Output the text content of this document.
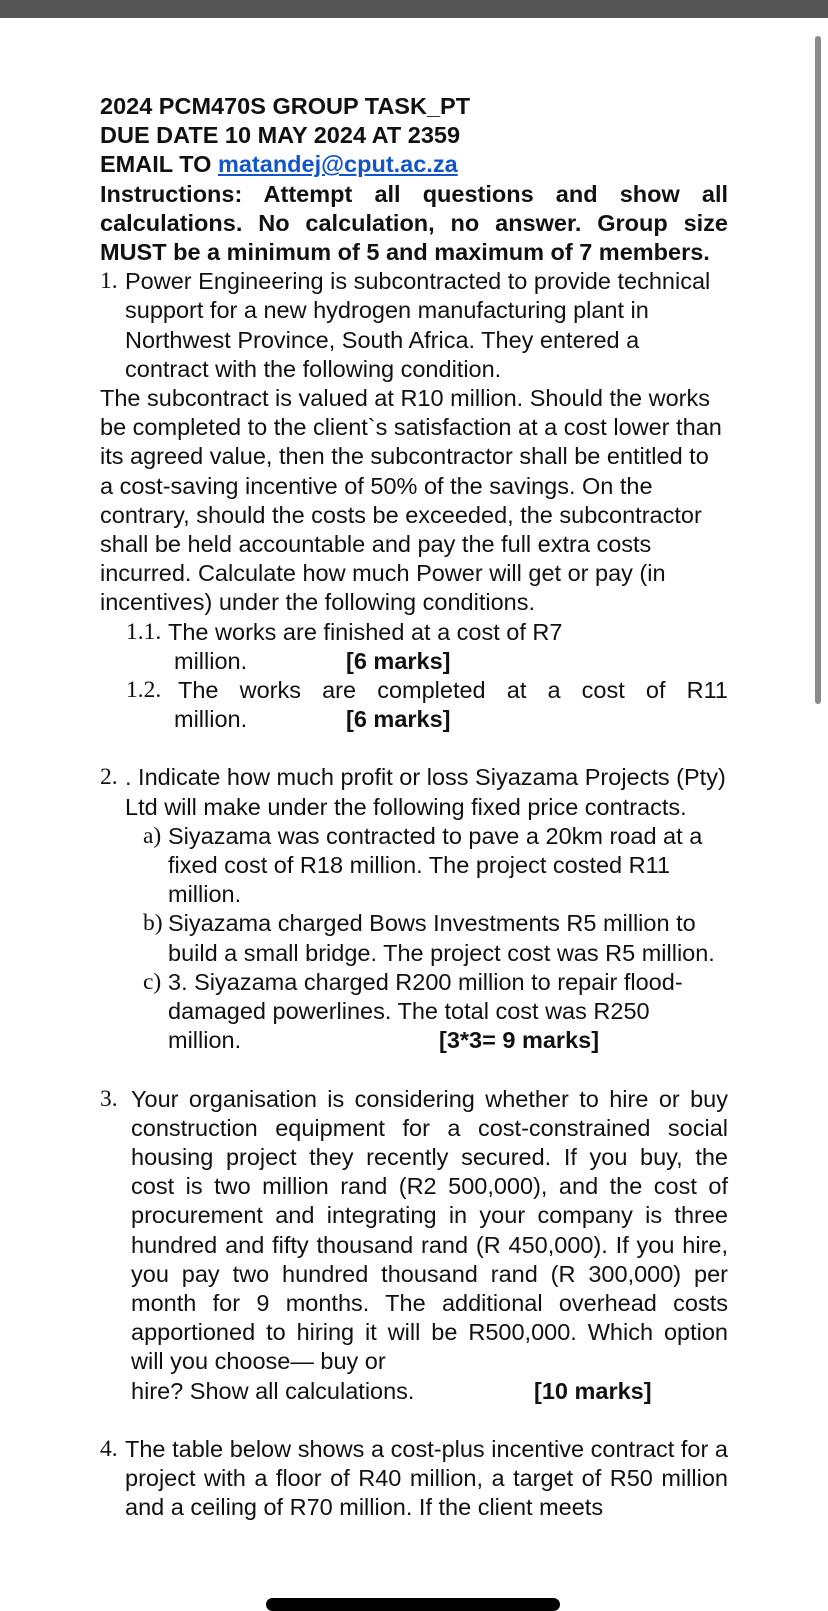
2024 PCM470S GROUP TASK_PT
DUE DATE 10 MAY 2024 AT 2359
EMAIL TO matandej@cput.ac.za
Instructions: Attempt all questions and show all calculations. No calculation, no answer. Group size MUST be a minimum of 5 and maximum of 7 members.
1. Power Engineering is subcontracted to provide technical support for a new hydrogen manufacturing plant in Northwest Province, South Africa. They entered a contract with the following condition.
The subcontract is valued at R10 million. Should the works be completed to the client`s satisfaction at a cost lower than its agreed value, then the subcontractor shall be entitled to a cost-saving incentive of 50% of the savings. On the contrary, should the costs be exceeded, the subcontractor shall be held accountable and pay the full extra costs incurred. Calculate how much Power will get or pay (in incentives) under the following conditions.
1.1. The works are finished at a cost of R7
million.	[6 marks]
1.2. The works are completed at a cost of R11
million.	[6 marks]
2. . Indicate how much profit or loss Siyazama Projects (Pty) Ltd will make under the following fixed price contracts.
a) Siyazama was contracted to pave a 20km road at a fixed cost of R18 million. The project costed R11 million.
b) Siyazama charged Bows Investments R5 million to build a small bridge. The project cost was R5 million.
c) 3. Siyazama charged R200 million to repair flood-damaged powerlines. The total cost was R250
million.	[3*3= 9 marks]
3. Your organisation is considering whether to hire or buy construction equipment for a cost-constrained social housing project they recently secured. If you buy, the cost is two million rand (R2 500,000), and the cost of procurement and integrating in your company is three hundred and fifty thousand rand (R 450,000). If you hire, you pay two hundred thousand rand (R 300,000) per month for 9 months. The additional overhead costs apportioned to hiring it will be R500,000. Which option will you choose— buy or
hire? Show all calculations.	[10 marks]
4. The table below shows a cost-plus incentive contract for a project with a floor of R40 million, a target of R50 million and a ceiling of R70 million. If the client meets
